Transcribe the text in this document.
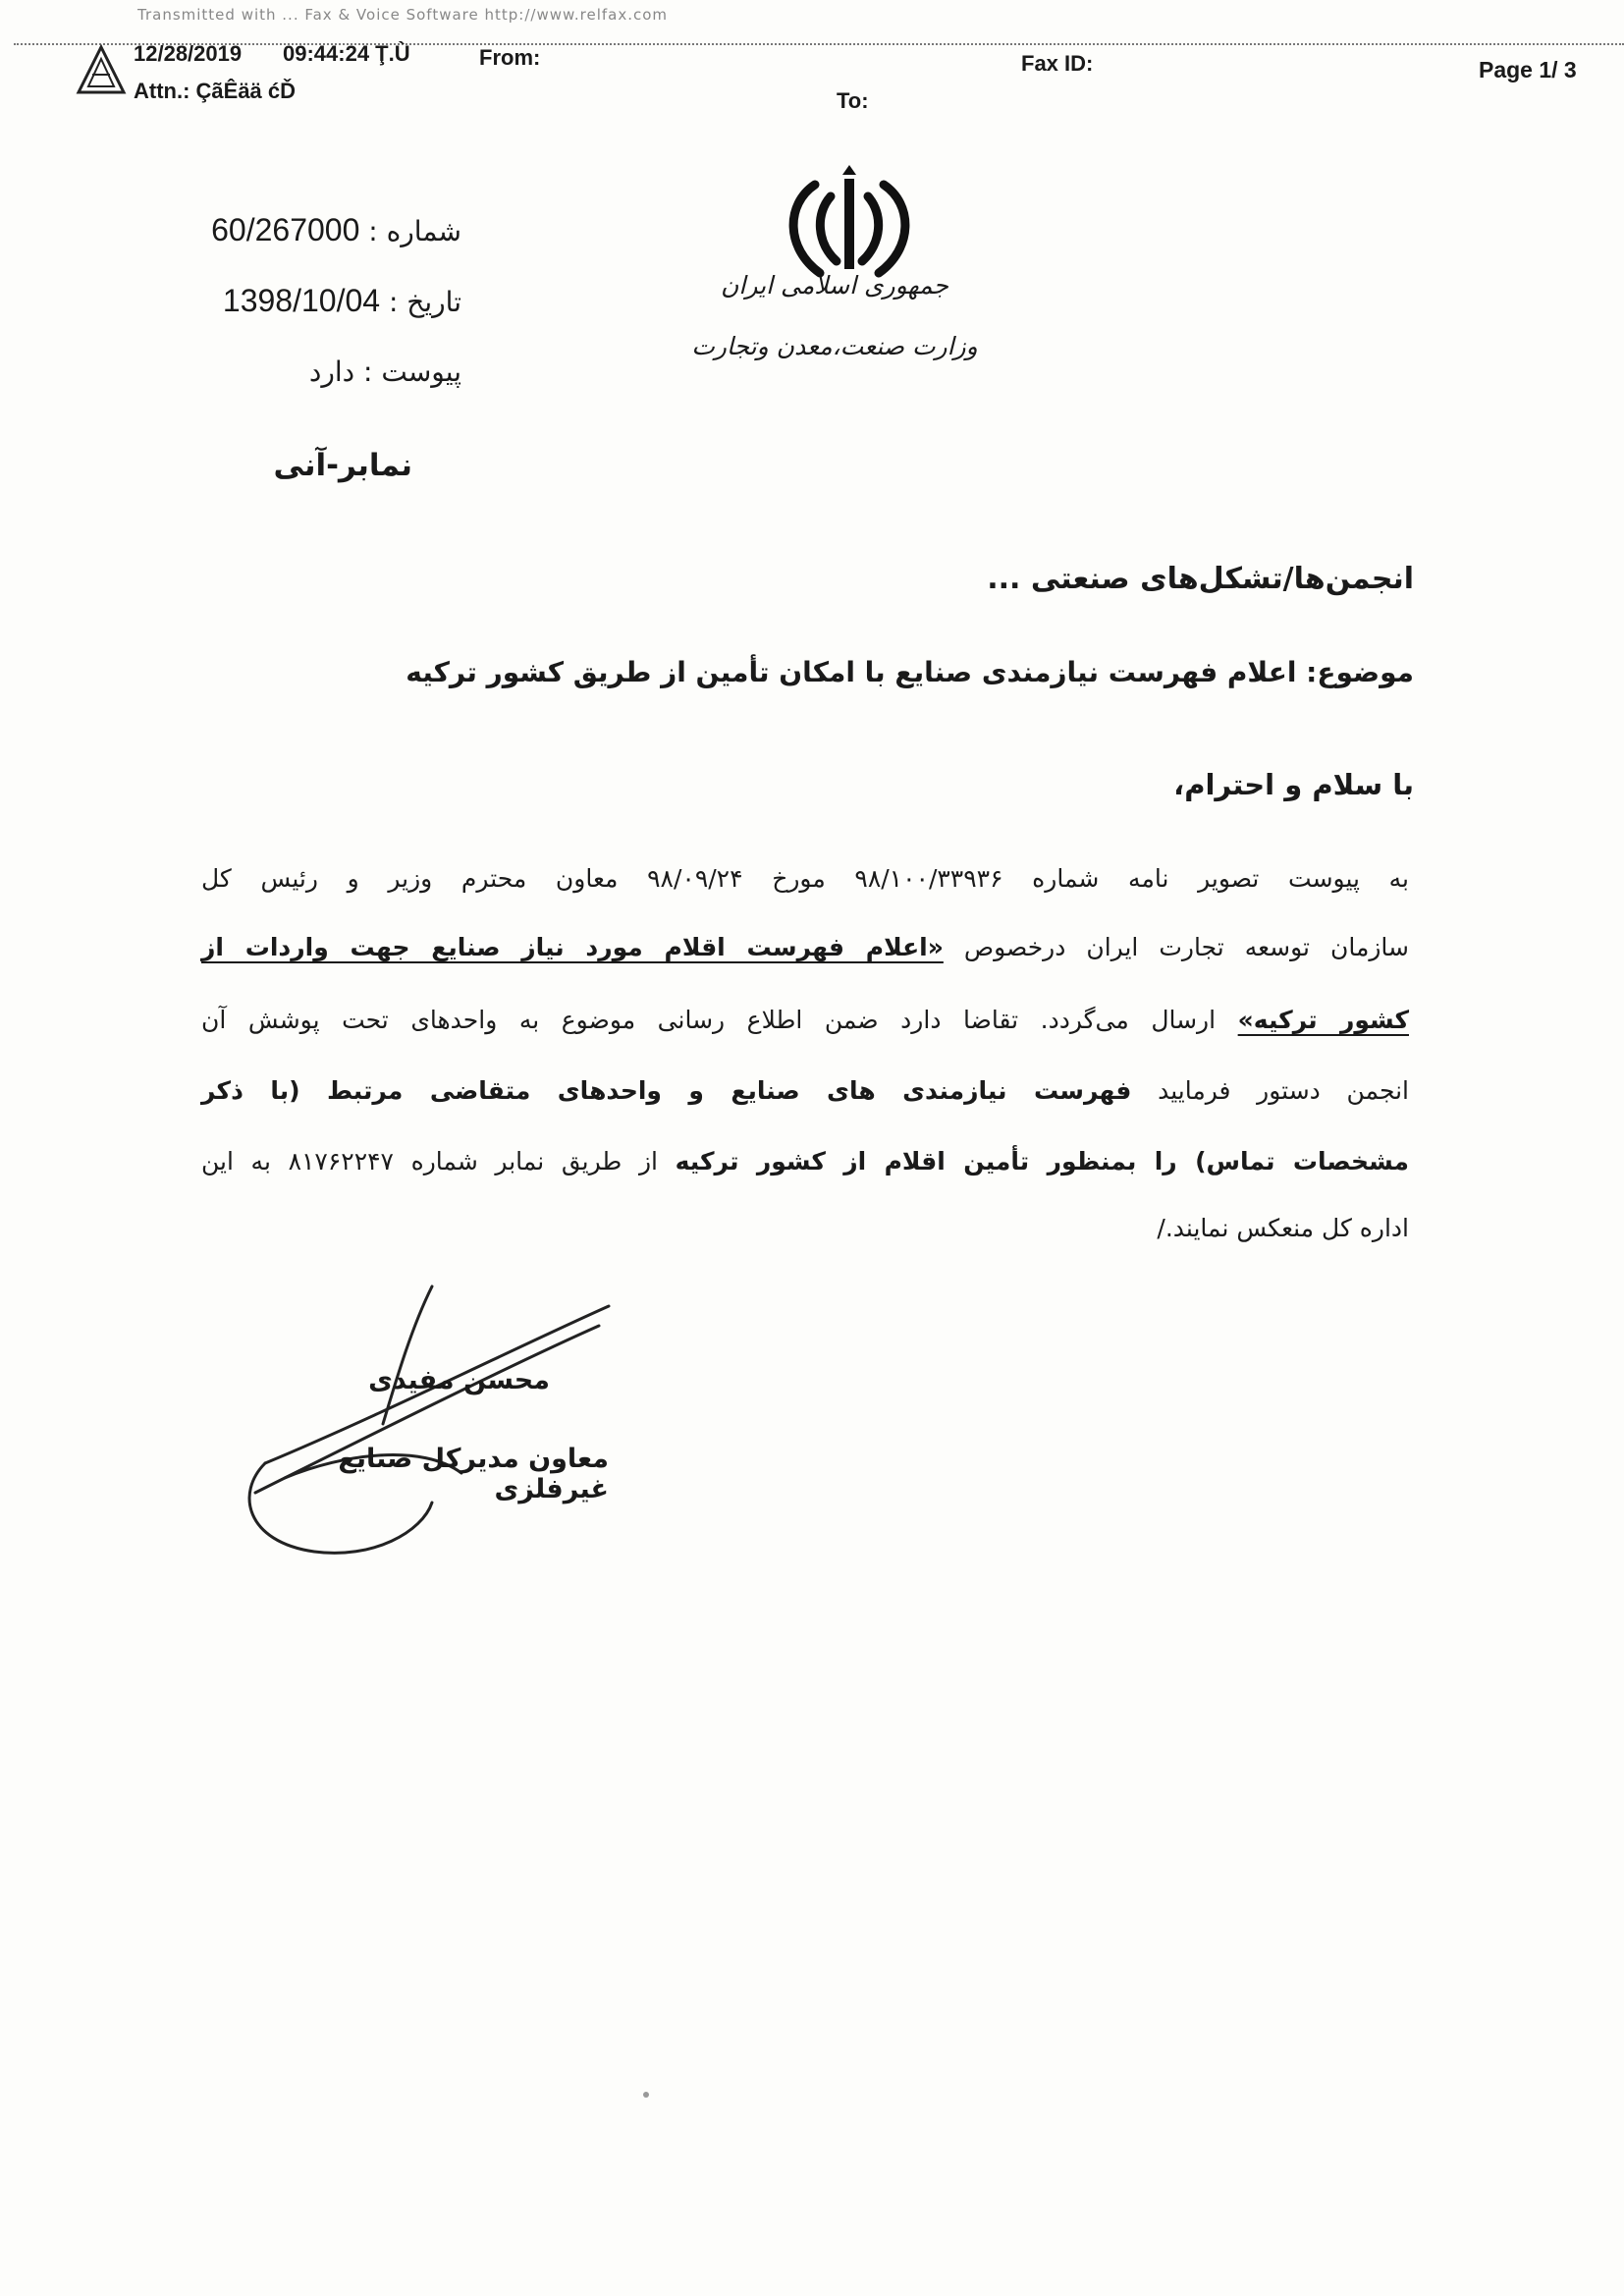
Transmitted with ... Fax & Voice Software http://www.relfax.com
12/28/2019 09:44:24 Ţ.Ù	From:	Fax ID:	Page 1/ 3
Attn.: ÇãÊää ćĎ	To:
جمهوری اسلامی ایران
وزارت صنعت،معدن وتجارت
شماره : 60/267000
تاریخ : 1398/10/04
پیوست : دارد
نمابر-آنی
انجمن‌ها/تشکل‌های صنعتی ...
موضوع: اعلام فهرست نیازمندی صنایع با امکان تأمین از طریق کشور ترکیه
با سلام و احترام،
به پیوست تصویر نامه شماره ۹۸/۱۰۰/۳۳۹۳۶ مورخ ۹۸/۰۹/۲۴ معاون محترم وزیر و رئیس کل
سازمان توسعه تجارت ایران درخصوص «اعلام فهرست اقلام مورد نیاز صنایع جهت واردات از
کشور ترکیه» ارسال می‌گردد. تقاضا دارد ضمن اطلاع رسانی موضوع به واحدهای تحت پوشش آن
انجمن دستور فرمایید فهرست نیازمندی های صنایع و واحدهای متقاضی مرتبط (با ذکر
مشخصات تماس) را بمنظور تأمین اقلام از کشور ترکیه از طریق نمابر شماره ۸۱۷۶۲۲۴۷ به این
اداره کل منعکس نمایند./
محسن مفیدی
معاون مدیرکل صنایع غیرفلزی
